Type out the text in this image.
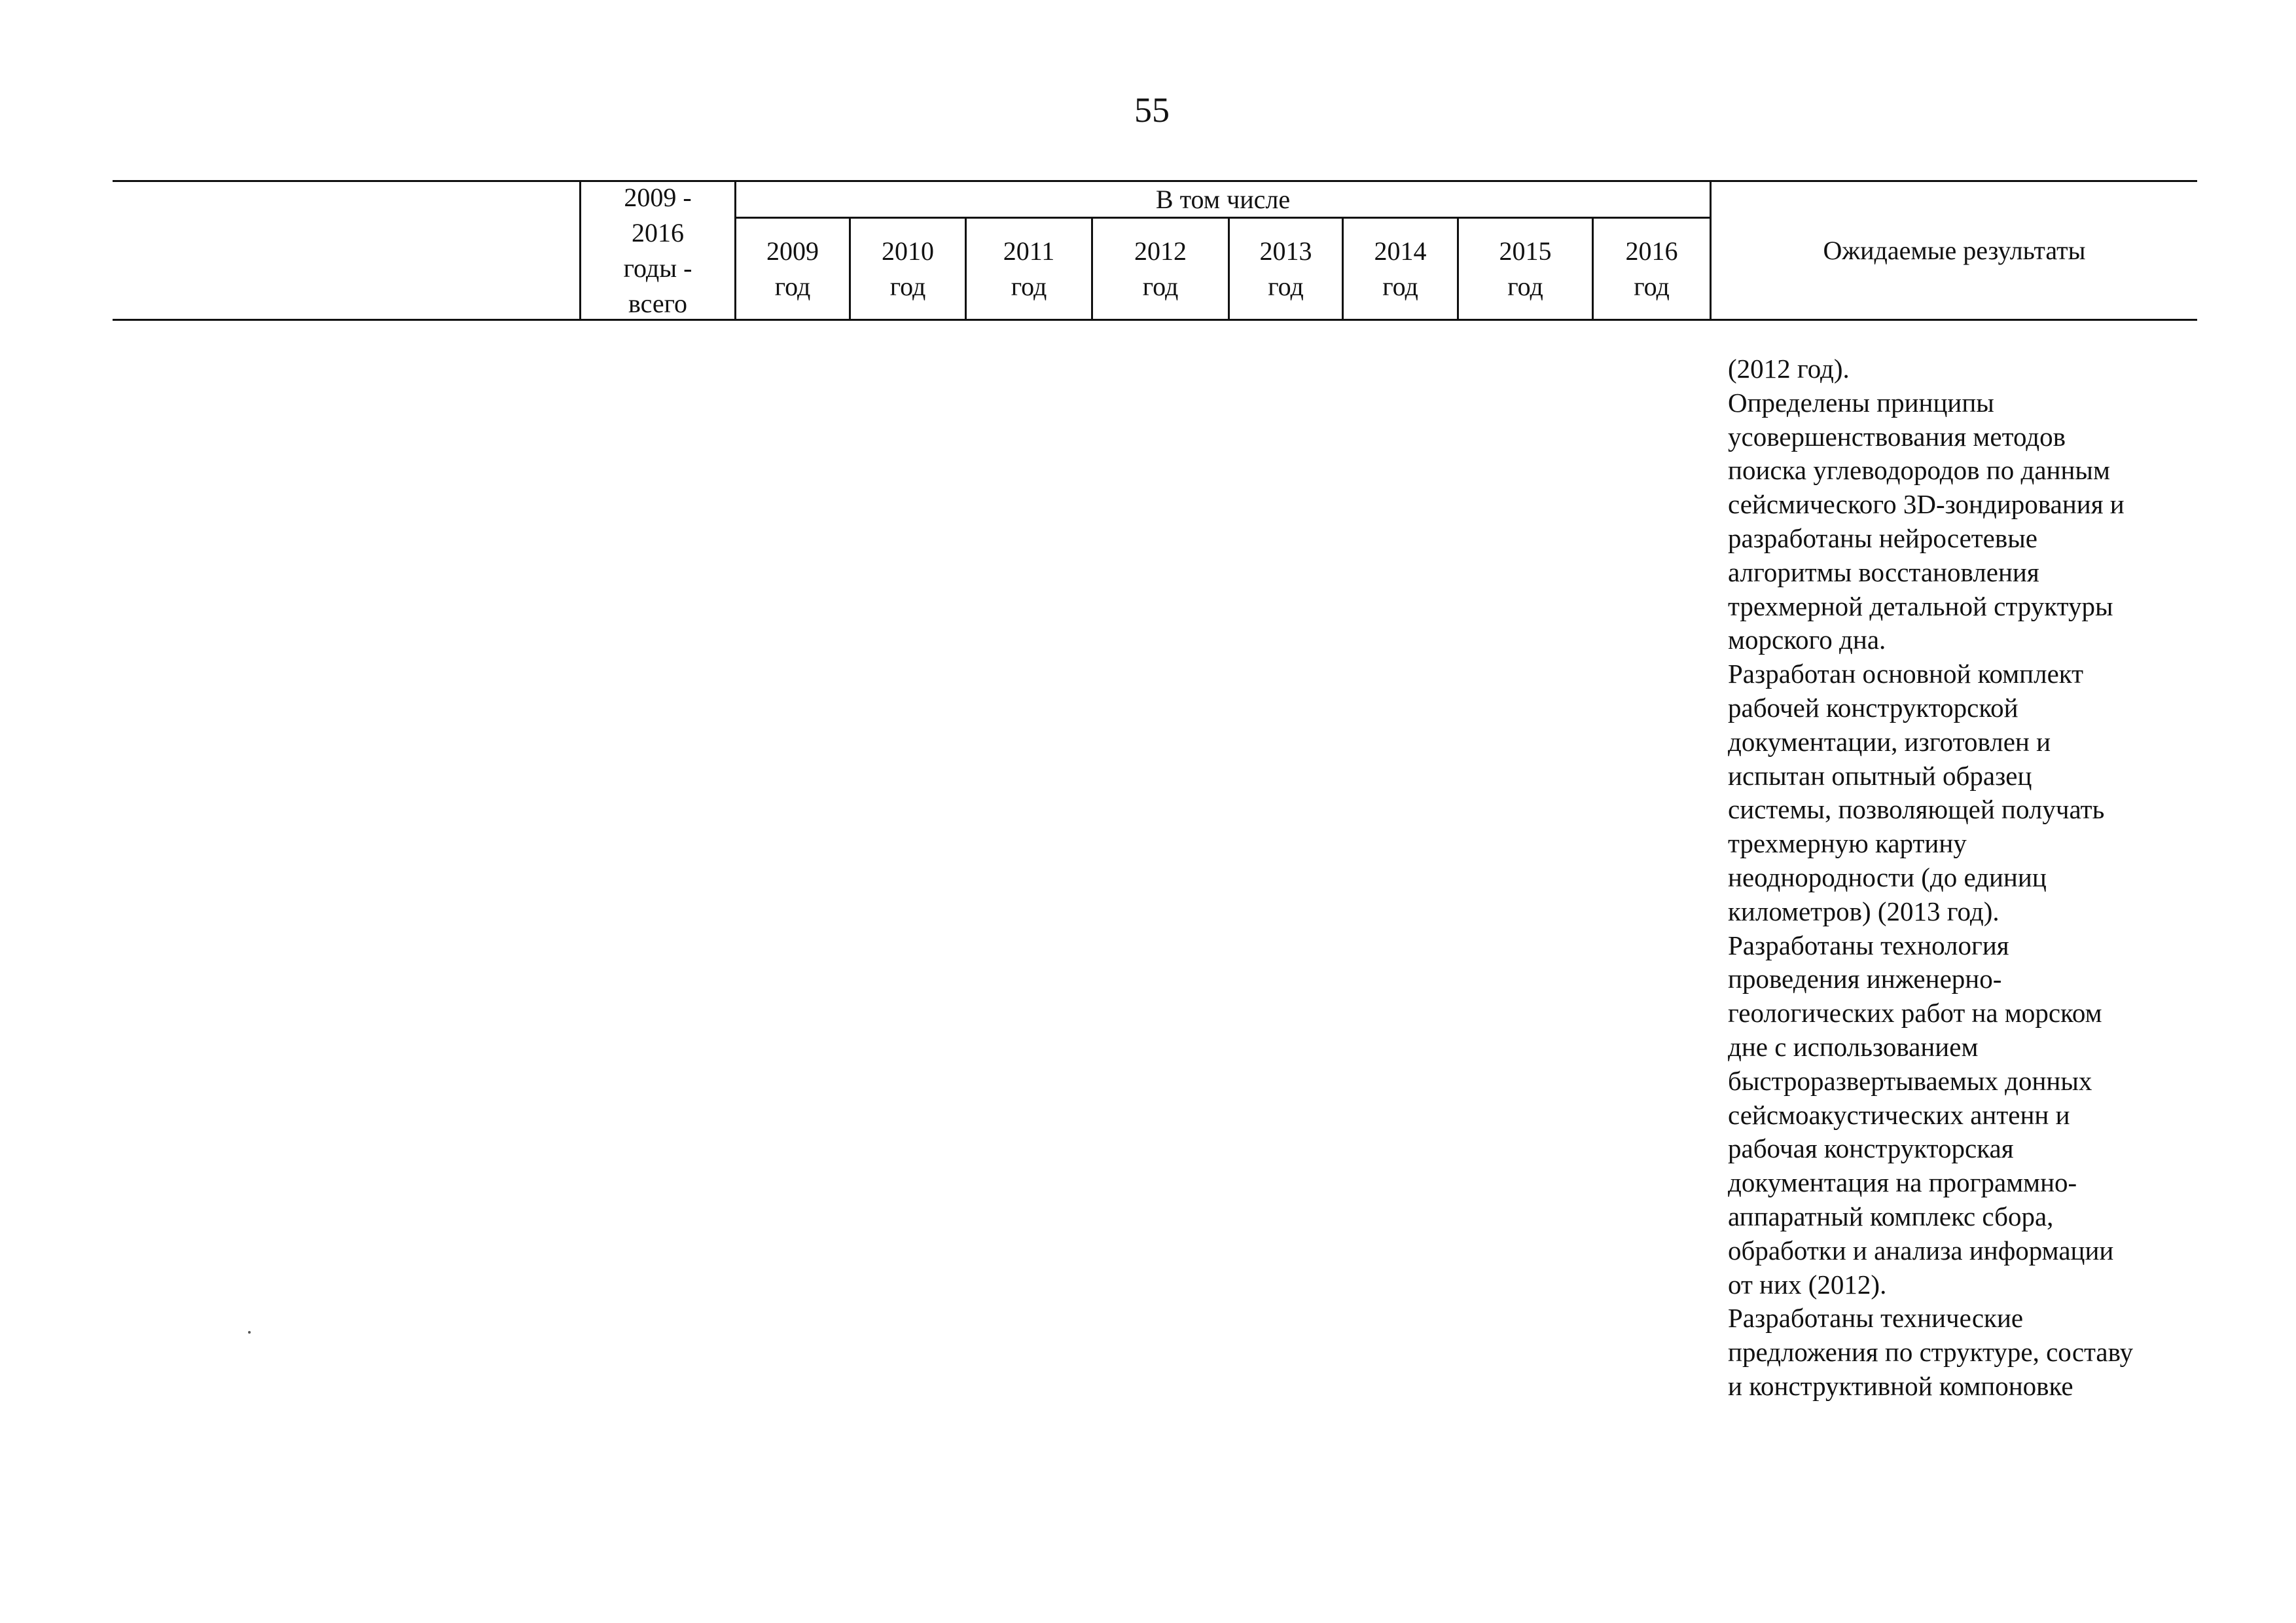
55
2009 -
2016
годы -
всего
В том числе
2009
год
2010
год
2011
год
2012
год
2013
год
2014
год
2015
год
2016
год
Ожидаемые результаты
(2012 год).
Определены принципы
усовершенствования методов
поиска углеводородов по данным
сейсмического 3D-зондирования и
разработаны нейросетевые
алгоритмы восстановления
трехмерной детальной структуры
морского дна.
Разработан основной комплект
рабочей конструкторской
документации, изготовлен и
испытан опытный образец
системы, позволяющей получать
трехмерную картину
неоднородности (до единиц
километров) (2013 год).
Разработаны технология
проведения инженерно-
геологических работ на морском
дне с использованием
быстроразвертываемых донных
сейсмоакустических антенн и
рабочая конструкторская
документация на программно-
аппаратный комплекс сбора,
обработки и анализа информации
от них (2012).
Разработаны технические
предложения по структуре, составу
и конструктивной компоновке
